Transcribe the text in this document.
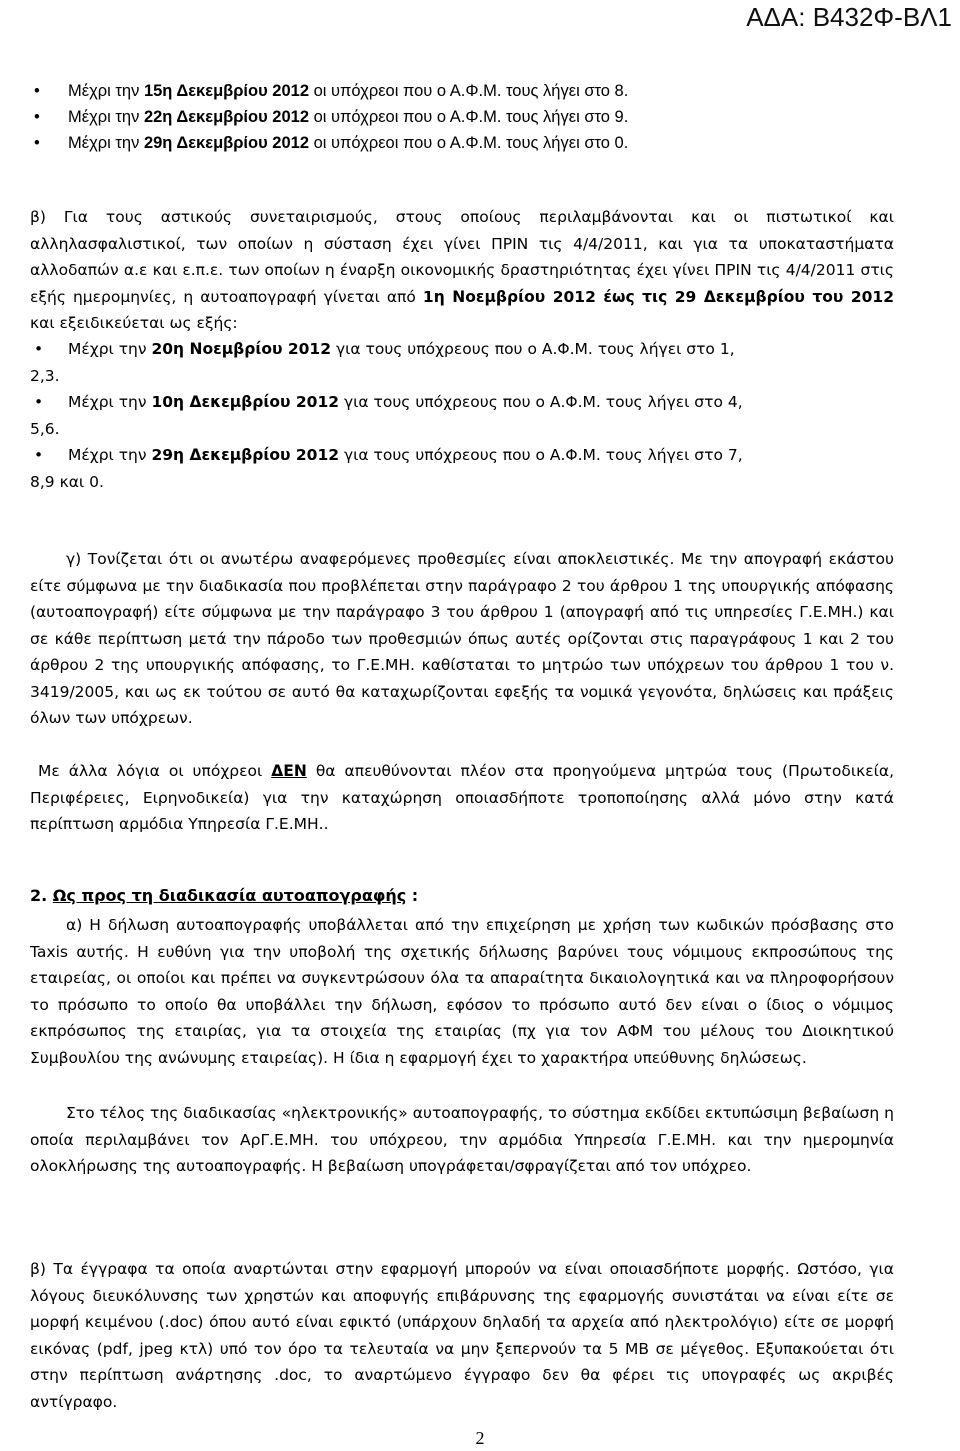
ΑΔΑ: Β432Φ-ΒΛ1
• Μέχρι την 15η Δεκεμβρίου 2012 οι υπόχρεοι που ο Α.Φ.Μ. τους λήγει στο 8.
• Μέχρι την 22η Δεκεμβρίου 2012 οι υπόχρεοι που ο Α.Φ.Μ. τους λήγει στο 9.
• Μέχρι την 29η Δεκεμβρίου 2012 οι υπόχρεοι που ο Α.Φ.Μ. τους λήγει στο 0.

β) Για τους αστικούς συνεταιρισμούς, στους οποίους περιλαμβάνονται και οι πιστωτικοί και αλληλασφαλιστικοί, των οποίων η σύσταση έχει γίνει ΠΡΙΝ τις 4/4/2011, και για τα υποκαταστήματα αλλοδαπών α.ε και ε.π.ε. των οποίων η έναρξη οικονομικής δραστηριότητας έχει γίνει ΠΡΙΝ τις 4/4/2011 στις εξής ημερομηνίες, η αυτοαπογραφή γίνεται από 1η Νοεμβρίου 2012 έως τις 29 Δεκεμβρίου του 2012 και εξειδικεύεται ως εξής:

• Μέχρι την 20η Νοεμβρίου 2012 για τους υπόχρεους που ο Α.Φ.Μ. τους λήγει στο 1,
2,3.
• Μέχρι την 10η Δεκεμβρίου 2012 για τους υπόχρεους που ο Α.Φ.Μ. τους λήγει στο 4,
5,6.
• Μέχρι την 29η Δεκεμβρίου 2012 για τους υπόχρεους που ο Α.Φ.Μ. τους λήγει στο 7,
8,9 και 0.

γ) Τονίζεται ότι οι ανωτέρω αναφερόμενες προθεσμίες είναι αποκλειστικές. Με την απογραφή εκάστου είτε σύμφωνα με την διαδικασία που προβλέπεται στην παράγραφο 2 του άρθρου 1 της υπουργικής απόφασης (αυτοαπογραφή) είτε σύμφωνα με την παράγραφο 3 του άρθρου 1 (απογραφή από τις υπηρεσίες Γ.Ε.ΜΗ.) και σε κάθε περίπτωση μετά την πάροδο των προθεσμιών όπως αυτές ορίζονται στις παραγράφους 1 και 2 του άρθρου 2 της υπουργικής απόφασης, το Γ.Ε.ΜΗ. καθίσταται το μητρώο των υπόχρεων του άρθρου 1 του ν. 3419/2005, και ως εκ τούτου σε αυτό θα καταχωρίζονται εφεξής τα νομικά γεγονότα, δηλώσεις και πράξεις όλων των υπόχρεων.

Με άλλα λόγια οι υπόχρεοι ΔΕΝ θα απευθύνονται πλέον στα προηγούμενα μητρώα τους (Πρωτοδικεία, Περιφέρειες, Ειρηνοδικεία) για την καταχώρηση οποιασδήποτε τροποποίησης αλλά μόνο στην κατά περίπτωση αρμόδια Υπηρεσία Γ.Ε.ΜΗ..

2. Ως προς τη διαδικασία αυτοαπογραφής :

α) Η δήλωση αυτοαπογραφής υποβάλλεται από την επιχείρηση με χρήση των κωδικών πρόσβασης στο Taxis αυτής. Η ευθύνη για την υποβολή της σχετικής δήλωσης βαρύνει τους νόμιμους εκπροσώπους της εταιρείας, οι οποίοι και πρέπει να συγκεντρώσουν όλα τα απαραίτητα δικαιολογητικά και να πληροφορήσουν το πρόσωπο το οποίο θα υποβάλλει την δήλωση, εφόσον το πρόσωπο αυτό δεν είναι ο ίδιος ο νόμιμος εκπρόσωπος της εταιρίας, για τα στοιχεία της εταιρίας (πχ για τον ΑΦΜ του μέλους του Διοικητικού Συμβουλίου της ανώνυμης εταιρείας). Η ίδια η εφαρμογή έχει το χαρακτήρα υπεύθυνης δηλώσεως.

Στο τέλος της διαδικασίας «ηλεκτρονικής» αυτοαπογραφής, το σύστημα εκδίδει εκτυπώσιμη βεβαίωση η οποία περιλαμβάνει τον ΑρΓ.Ε.ΜΗ. του υπόχρεου, την αρμόδια Υπηρεσία Γ.Ε.ΜΗ. και την ημερομηνία ολοκλήρωσης της αυτοαπογραφής. Η βεβαίωση υπογράφεται/σφραγίζεται από τον υπόχρεο.

β) Τα έγγραφα τα οποία αναρτώνται στην εφαρμογή μπορούν να είναι οποιασδήποτε μορφής. Ωστόσο, για λόγους διευκόλυνσης των χρηστών και αποφυγής επιβάρυνσης της εφαρμογής συνιστάται να είναι είτε σε μορφή κειμένου (.doc) όπου αυτό είναι εφικτό (υπάρχουν δηλαδή τα αρχεία από ηλεκτρολόγιο) είτε σε μορφή εικόνας (pdf, jpeg κτλ) υπό τον όρο τα τελευταία να μην ξεπερνούν τα 5 MB σε μέγεθος. Εξυπακούεται ότι στην περίπτωση ανάρτησης .doc, το αναρτώμενο έγγραφο δεν θα φέρει τις υπογραφές ως ακριβές αντίγραφο.

2
